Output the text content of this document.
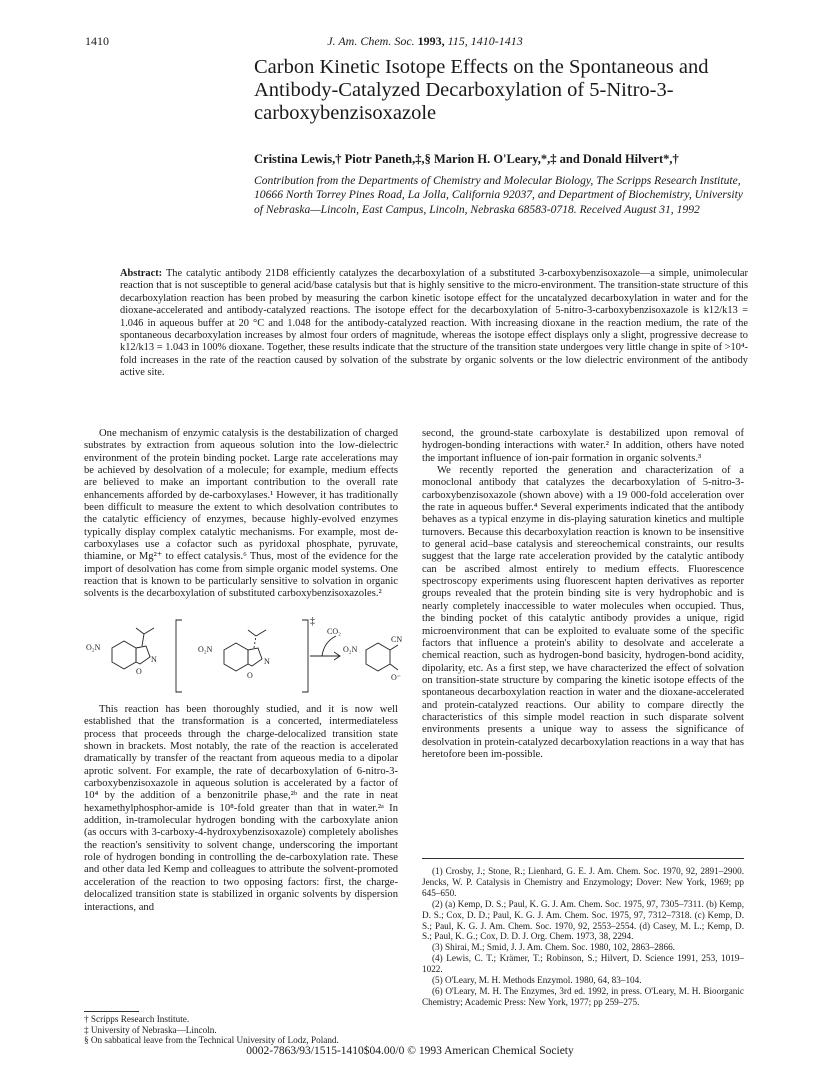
1410	J. Am. Chem. Soc. 1993, 115, 1410-1413
Carbon Kinetic Isotope Effects on the Spontaneous and Antibody-Catalyzed Decarboxylation of 5-Nitro-3-carboxybenzisoxazole
Cristina Lewis,† Piotr Paneth,‡,§ Marion H. O'Leary,*,‡ and Donald Hilvert*,†
Contribution from the Departments of Chemistry and Molecular Biology, The Scripps Research Institute, 10666 North Torrey Pines Road, La Jolla, California 92037, and Department of Biochemistry, University of Nebraska—Lincoln, East Campus, Lincoln, Nebraska 68583-0718. Received August 31, 1992
Abstract: The catalytic antibody 21D8 efficiently catalyzes the decarboxylation of a substituted 3-carboxybenzisoxazole—a simple, unimolecular reaction that is not susceptible to general acid/base catalysis but that is highly sensitive to the micro-environment. The transition-state structure of this decarboxylation reaction has been probed by measuring the carbon kinetic isotope effect for the uncatalyzed decarboxylation in water and for the dioxane-accelerated and antibody-catalyzed reactions. The isotope effect for the decarboxylation of 5-nitro-3-carboxybenzisoxazole is k12/k13 = 1.046 in aqueous buffer at 20 °C and 1.048 for the antibody-catalyzed reaction. With increasing dioxane in the reaction medium, the rate of the spontaneous decarboxylation increases by almost four orders of magnitude, whereas the isotope effect displays only a slight, progressive decrease to k12/k13 = 1.043 in 100% dioxane. Together, these results indicate that the structure of the transition state undergoes very little change in spite of >10⁴-fold increases in the rate of the reaction caused by solvation of the substrate by organic solvents or the low dielectric environment of the antibody active site.

One mechanism of enzymic catalysis is the destabilization of charged substrates by extraction from aqueous solution into the low-dielectric environment of the protein binding pocket. Large rate accelerations may be achieved by desolvation of a molecule; for example, medium effects are believed to make an important contribution to the overall rate enhancements afforded by de-carboxylases.¹ However, it has traditionally been difficult to measure the extent to which desolvation contributes to the catalytic efficiency of enzymes, because highly-evolved enzymes typically display complex catalytic mechanisms. For example, most de-carboxylases use a cofactor such as pyridoxal phosphate, pyruvate, thiamine, or Mg²⁺ to effect catalysis.⁶ Thus, most of the evidence for the import of desolvation has come from simple organic model systems. One reaction that is known to be particularly sensitive to solvation in organic solvents is the decarboxylation of substituted carboxybenzisoxazoles.²

O₂N
N
O
‡
O₂N
N
O
CO₂
O₂N
CN
O⁻

This reaction has been thoroughly studied, and it is now well established that the transformation is a concerted, intermediateless process that proceeds through the charge-delocalized transition state shown in brackets. Most notably, the rate of the reaction is accelerated dramatically by transfer of the reactant from aqueous media to a dipolar aprotic solvent. For example, the rate of decarboxylation of 6-nitro-3-carboxybenzisoxazole in aqueous solution is accelerated by a factor of 10⁴ by the addition of a benzonitrile phase,²ᵇ and the rate in neat hexamethylphosphor-amide is 10⁸-fold greater than that in water.²ᵃ In addition, in-tramolecular hydrogen bonding with the carboxylate anion (as occurs with 3-carboxy-4-hydroxybenzisoxazole) completely abolishes the reaction's sensitivity to solvent change, underscoring the important role of hydrogen bonding in controlling the de-carboxylation rate. These and other data led Kemp and colleagues to attribute the solvent-promoted acceleration of the reaction to two opposing factors: first, the charge-delocalized transition state is stabilized in organic solvents by dispersion interactions, and

second, the ground-state carboxylate is destabilized upon removal of hydrogen-bonding interactions with water.² In addition, others have noted the important influence of ion-pair formation in organic solvents.³

We recently reported the generation and characterization of a monoclonal antibody that catalyzes the decarboxylation of 5-nitro-3-carboxybenzisoxazole (shown above) with a 19 000-fold acceleration over the rate in aqueous buffer.⁴ Several experiments indicated that the antibody behaves as a typical enzyme in dis-playing saturation kinetics and multiple turnovers. Because this decarboxylation reaction is known to be insensitive to general acid–base catalysis and stereochemical constraints, our results suggest that the large rate acceleration provided by the catalytic antibody can be ascribed almost entirely to medium effects. Fluorescence spectroscopy experiments using fluorescent hapten derivatives as reporter groups revealed that the protein binding site is very hydrophobic and is nearly completely inaccessible to water molecules when occupied. Thus, the binding pocket of this catalytic antibody provides a unique, rigid microenvironment that can be exploited to evaluate some of the specific factors that influence a protein's ability to desolvate and accelerate a chemical reaction, such as hydrogen-bond basicity, hydrogen-bond acidity, dipolarity, etc. As a first step, we have characterized the effect of solvation on transition-state structure by comparing the kinetic isotope effects of the spontaneous decarboxylation reaction in water and the dioxane-accelerated and protein-catalyzed reactions. Our ability to compare directly the characteristics of this simple model reaction in such disparate solvent environments presents a unique way to assess the significance of desolvation in protein-catalyzed decarboxylation reactions in a way that has heretofore been im-possible.

(1) Crosby, J.; Stone, R.; Lienhard, G. E. J. Am. Chem. Soc. 1970, 92, 2891–2900. Jencks, W. P. Catalysis in Chemistry and Enzymology; Dover: New York, 1969; pp 645–650.
(2) (a) Kemp, D. S.; Paul, K. G. J. Am. Chem. Soc. 1975, 97, 7305–7311. (b) Kemp, D. S.; Cox, D. D.; Paul, K. G. J. Am. Chem. Soc. 1975, 97, 7312–7318. (c) Kemp, D. S.; Paul, K. G. J. Am. Chem. Soc. 1970, 92, 2553–2554. (d) Casey, M. L.; Kemp, D. S.; Paul, K. G.; Cox, D. D. J. Org. Chem. 1973, 38, 2294.
(3) Shirai, M.; Smid, J. J. Am. Chem. Soc. 1980, 102, 2863–2866.
(4) Lewis, C. T.; Krämer, T.; Robinson, S.; Hilvert, D. Science 1991, 253, 1019–1022.
(5) O'Leary, M. H. Methods Enzymol. 1980, 64, 83–104.
(6) O'Leary, M. H. The Enzymes, 3rd ed. 1992, in press. O'Leary, M. H. Bioorganic Chemistry; Academic Press: New York, 1977; pp 259–275.
† Scripps Research Institute.
‡ University of Nebraska—Lincoln.
§ On sabbatical leave from the Technical University of Lodz, Poland.
0002-7863/93/1515-1410$04.00/0 © 1993 American Chemical Society
